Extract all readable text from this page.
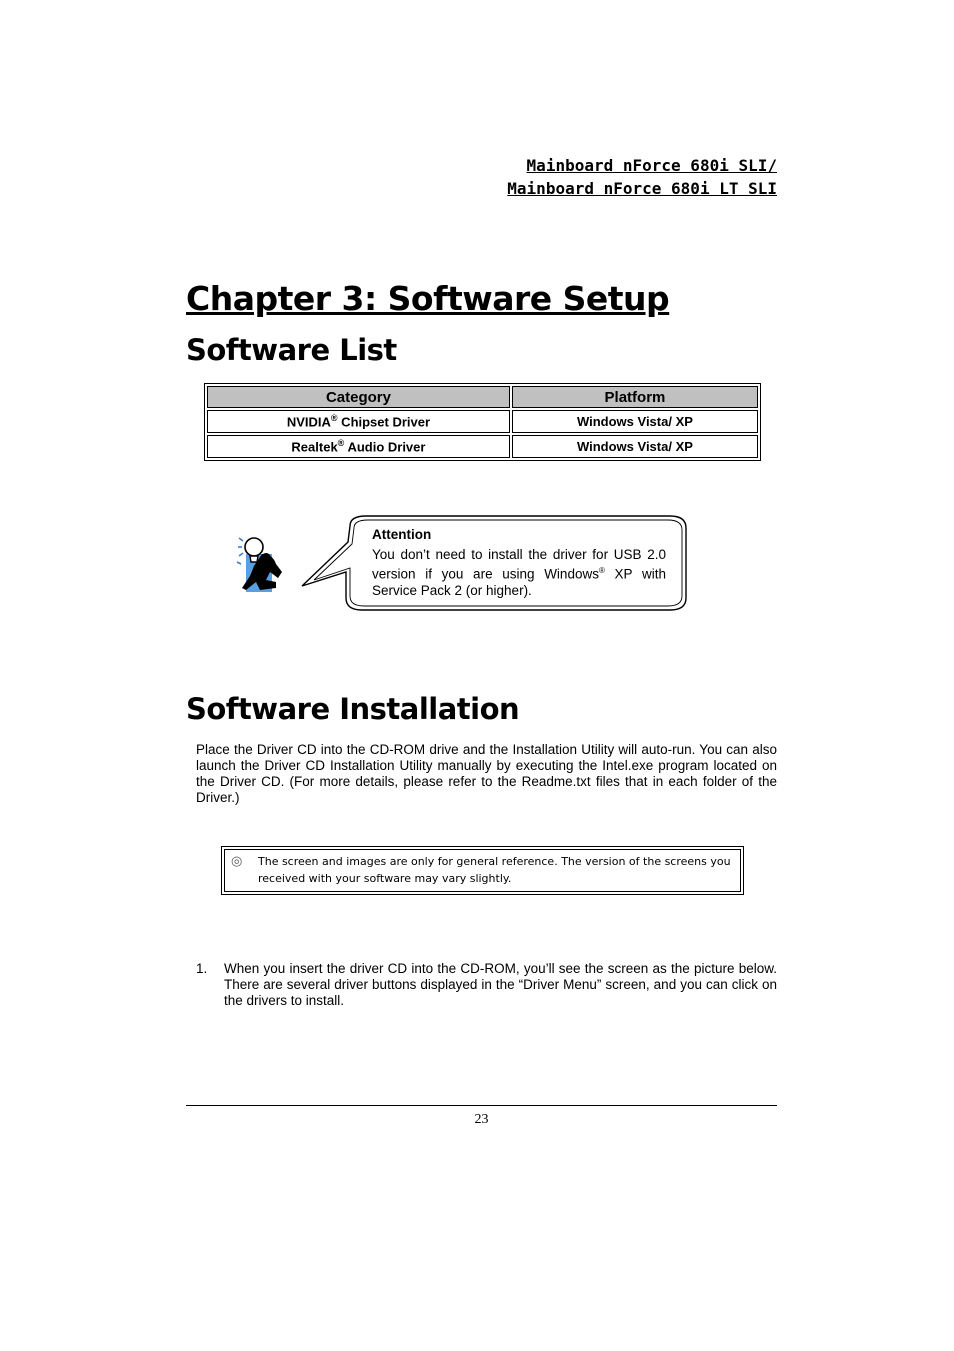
Mainboard nForce 680i SLI/
Mainboard nForce 680i LT SLI
Chapter 3: Software Setup
Software List
Category	Platform
NVIDIA® Chipset Driver	Windows Vista/ XP
Realtek® Audio Driver	Windows Vista/ XP
Attention
You don’t need to install the driver for USB 2.0 version if you are using Windows® XP with Service Pack 2 (or higher).
Software Installation
Place the Driver CD into the CD-ROM drive and the Installation Utility will auto-run. You can also launch the Driver CD Installation Utility manually by executing the Intel.exe program located on the Driver CD. (For more details, please refer to the Readme.txt files that in each folder of the Driver.)
◎ The screen and images are only for general reference. The version of the screens you received with your software may vary slightly.
1. When you insert the driver CD into the CD-ROM, you’ll see the screen as the picture below. There are several driver buttons displayed in the “Driver Menu” screen, and you can click on the drivers to install.
23
